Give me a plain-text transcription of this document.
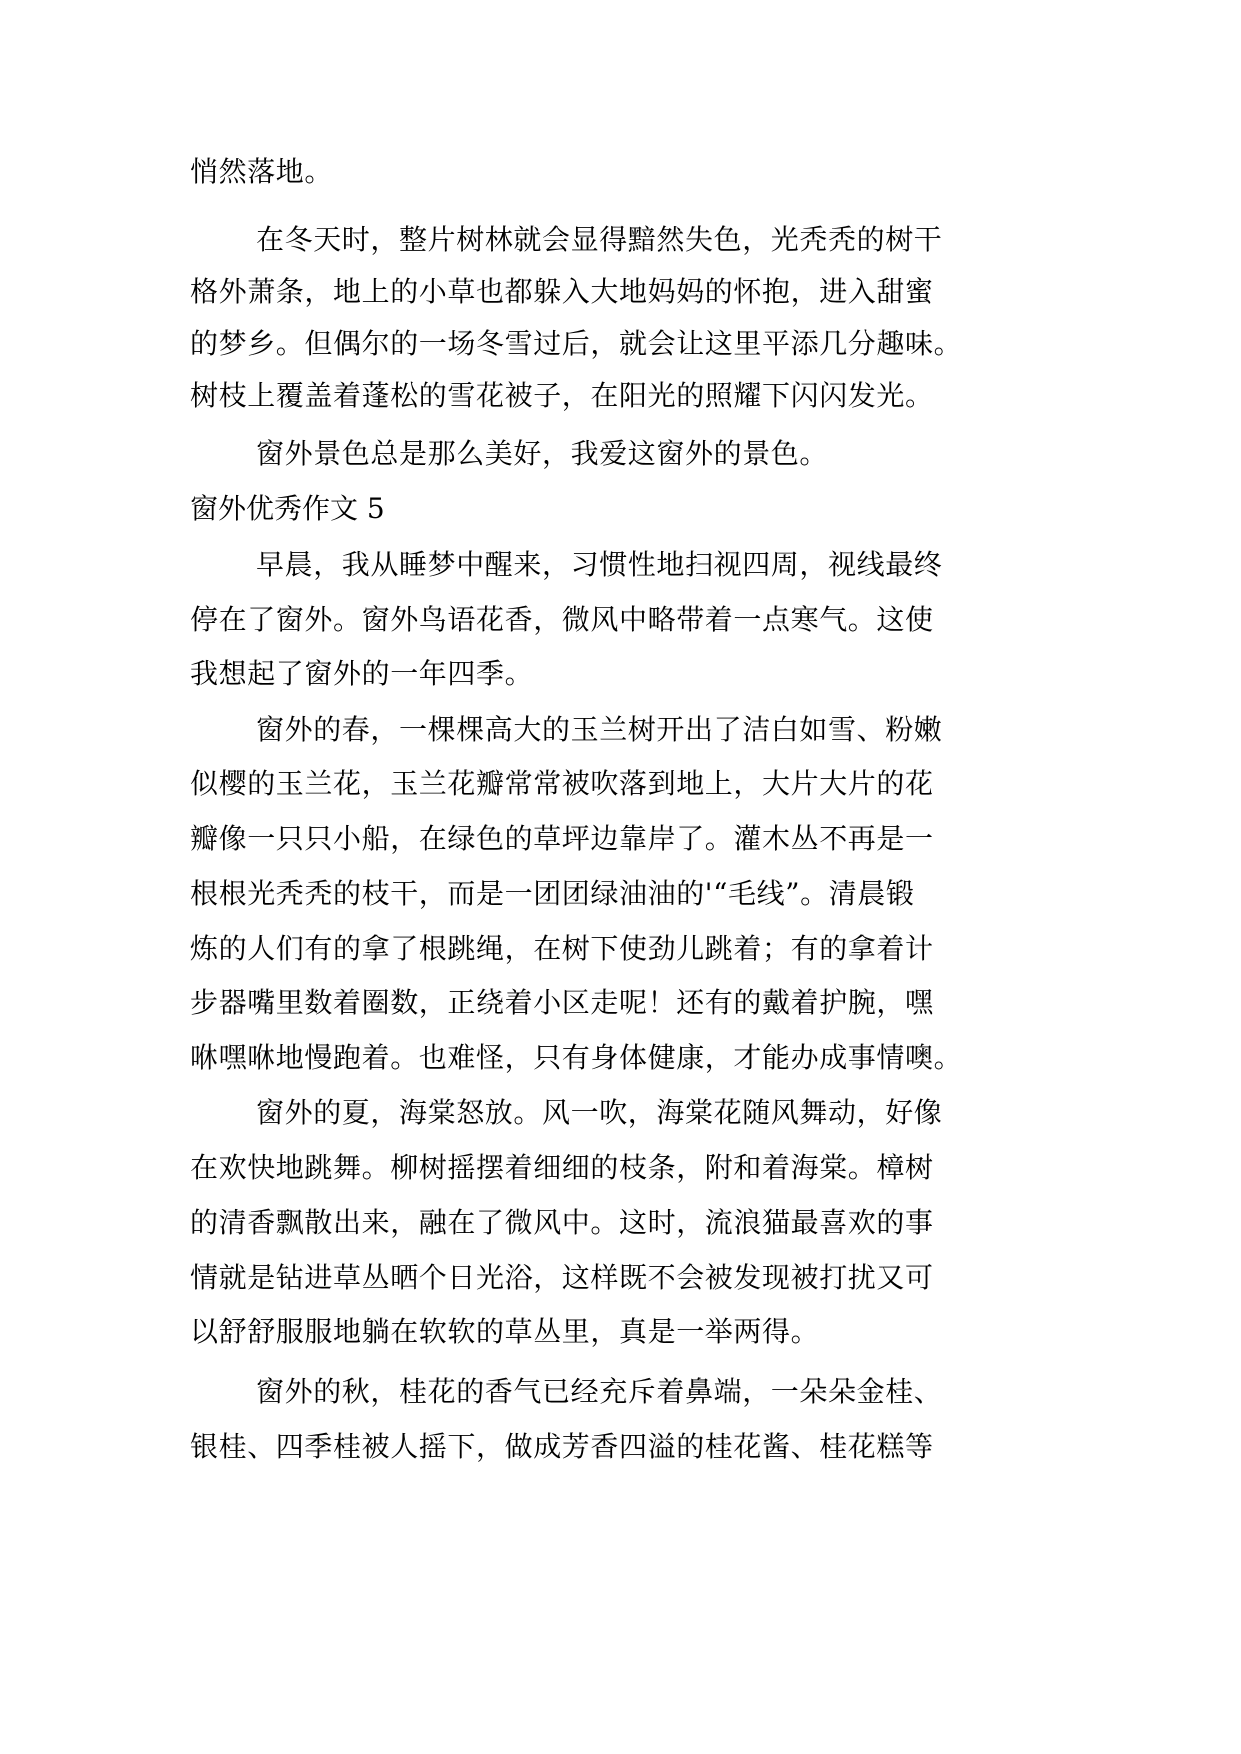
悄然落地。
在冬天时，整片树林就会显得黯然失色，光秃秃的树干
格外萧条，地上的小草也都躲入大地妈妈的怀抱，进入甜蜜
的梦乡。但偶尔的一场冬雪过后，就会让这里平添几分趣味。
树枝上覆盖着蓬松的雪花被子，在阳光的照耀下闪闪发光。
窗外景色总是那么美好，我爱这窗外的景色。
窗外优秀作文 5
早晨，我从睡梦中醒来，习惯性地扫视四周，视线最终
停在了窗外。窗外鸟语花香，微风中略带着一点寒气。这使
我想起了窗外的一年四季。
窗外的春，一棵棵高大的玉兰树开出了洁白如雪、粉嫩
似樱的玉兰花，玉兰花瓣常常被吹落到地上，大片大片的花
瓣像一只只小船，在绿色的草坪边靠岸了。灌木丛不再是一
根根光秃秃的枝干，而是一团团绿油油的'“毛线”。清晨锻
炼的人们有的拿了根跳绳，在树下使劲儿跳着；有的拿着计
步器嘴里数着圈数，正绕着小区走呢！还有的戴着护腕，嘿
咻嘿咻地慢跑着。也难怪，只有身体健康，才能办成事情噢。
窗外的夏，海棠怒放。风一吹，海棠花随风舞动，好像
在欢快地跳舞。柳树摇摆着细细的枝条，附和着海棠。樟树
的清香飘散出来，融在了微风中。这时，流浪猫最喜欢的事
情就是钻进草丛晒个日光浴，这样既不会被发现被打扰又可
以舒舒服服地躺在软软的草丛里，真是一举两得。
窗外的秋，桂花的香气已经充斥着鼻端，一朵朵金桂、
银桂、四季桂被人摇下，做成芳香四溢的桂花酱、桂花糕等
